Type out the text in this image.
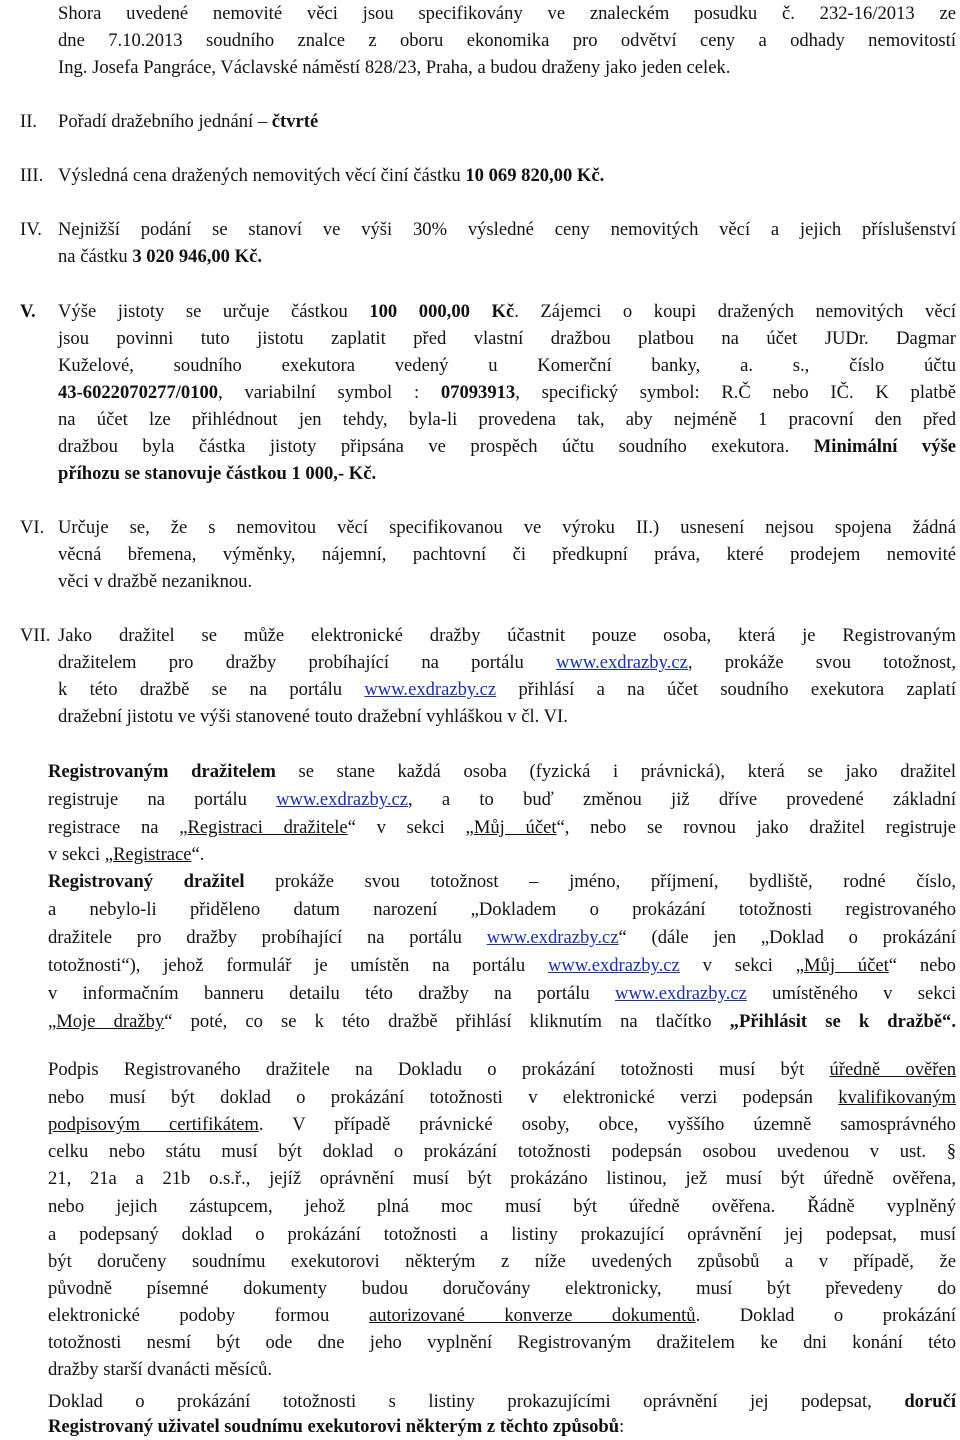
Shora uvedené nemovité věci jsou specifikovány ve znaleckém posudku č. 232-16/2013 ze
dne 7.10.2013 soudního znalce z oboru ekonomika pro odvětví ceny a odhady nemovitostí
Ing. Josefa Pangráce, Václavské náměstí 828/23, Praha, a budou draženy jako jeden celek.
II. Pořadí dražebního jednání – čtvrté
III. Výsledná cena dražených nemovitých věcí činí částku 10 069 820,00 Kč.
IV. Nejnižší podání se stanoví ve výši 30% výsledné ceny nemovitých věcí a jejich příslušenství
na částku 3 020 946,00 Kč.
V. Výše jistoty se určuje částkou 100 000,00 Kč. Zájemci o koupi dražených nemovitých věcí
jsou povinni tuto jistotu zaplatit před vlastní dražbou platbou na účet JUDr. Dagmar
Kuželové, soudního exekutora vedený u Komerční banky, a. s., číslo účtu
43-6022070277/0100, variabilní symbol : 07093913, specifický symbol: R.Č nebo IČ. K platbě
na účet lze přihlédnout jen tehdy, byla-li provedena tak, aby nejméně 1 pracovní den před
dražbou byla částka jistoty připsána ve prospěch účtu soudního exekutora. Minimální výše
příhozu se stanovuje částkou 1 000,- Kč.
VI. Určuje se, že s nemovitou věcí specifikovanou ve výroku II.) usnesení nejsou spojena žádná
věcná břemena, výměnky, nájemní, pachtovní či předkupní práva, které prodejem nemovité
věci v dražbě nezaniknou.
VII. Jako dražitel se může elektronické dražby účastnit pouze osoba, která je Registrovaným
dražitelem pro dražby probíhající na portálu www.exdrazby.cz, prokáže svou totožnost,
k této dražbě se na portálu www.exdrazby.cz přihlásí a na účet soudního exekutora zaplatí
dražební jistotu ve výši stanovené touto dražební vyhláškou v čl. VI.
Registrovaným dražitelem se stane každá osoba (fyzická i právnická), která se jako dražitel
registruje na portálu www.exdrazby.cz, a to buď změnou již dříve provedené základní
registrace na „Registraci dražitele“ v sekci „Můj účet“, nebo se rovnou jako dražitel registruje
v sekci „Registrace“.
Registrovaný dražitel prokáže svou totožnost – jméno, příjmení, bydliště, rodné číslo,
a nebylo-li přiděleno datum narození „Dokladem o prokázání totožnosti registrovaného
dražitele pro dražby probíhající na portálu www.exdrazby.cz“ (dále jen „Doklad o prokázání
totožnosti“), jehož formulář je umístěn na portálu www.exdrazby.cz v sekci „Můj účet“ nebo
v informačním banneru detailu této dražby na portálu www.exdrazby.cz umístěného v sekci
„Moje dražby“ poté, co se k této dražbě přihlásí kliknutím na tlačítko „Přihlásit se k dražbě“.
Podpis Registrovaného dražitele na Dokladu o prokázání totožnosti musí být úředně ověřen
nebo musí být doklad o prokázání totožnosti v elektronické verzi podepsán kvalifikovaným
podpisovým certifikátem. V případě právnické osoby, obce, vyššího územně samosprávného
celku nebo státu musí být doklad o prokázání totožnosti podepsán osobou uvedenou v ust. §
21, 21a a 21b o.s.ř., jejíž oprávnění musí být prokázáno listinou, jež musí být úředně ověřena,
nebo jejich zástupcem, jehož plná moc musí být úředně ověřena. Řádně vyplněný
a podepsaný doklad o prokázání totožnosti a listiny prokazující oprávnění jej podepsat, musí
být doručeny soudnímu exekutorovi některým z níže uvedených způsobů a v případě, že
původně písemné dokumenty budou doručovány elektronicky, musí být převedeny do
elektronické podoby formou autorizované konverze dokumentů. Doklad o prokázání
totožnosti nesmí být ode dne jeho vyplnění Registrovaným dražitelem ke dni konání této
dražby starší dvanácti měsíců.
Doklad o prokázání totožnosti s listiny prokazujícími oprávnění jej podepsat, doručí
Registrovaný uživatel soudnímu exekutorovi některým z těchto způsobů:
